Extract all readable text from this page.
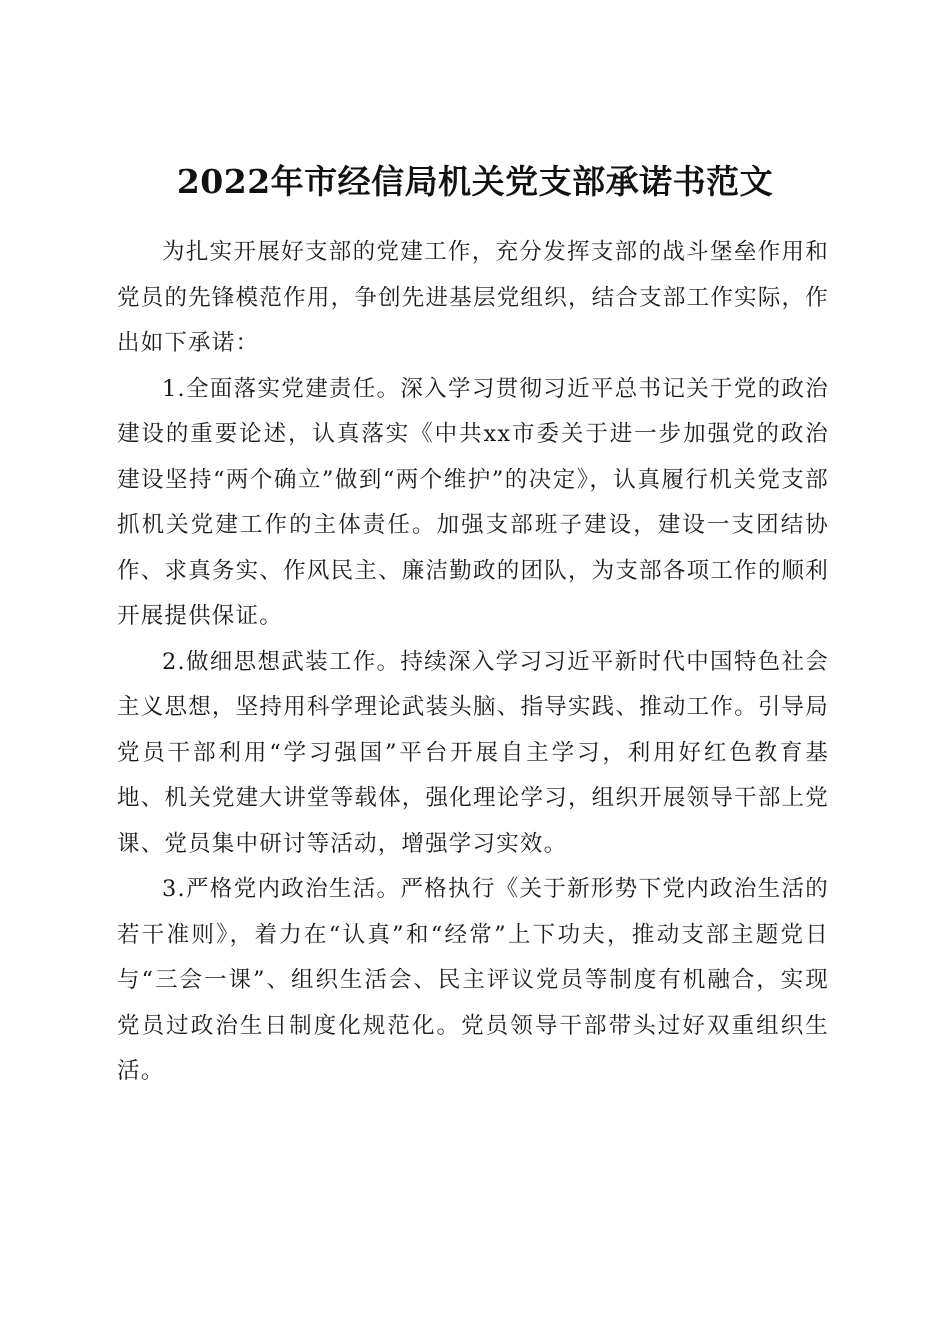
2022年市经信局机关党支部承诺书范文

为扎实开展好支部的党建工作，充分发挥支部的战斗堡垒作用和党员的先锋模范作用，争创先进基层党组织，结合支部工作实际，作出如下承诺：

1.全面落实党建责任。深入学习贯彻习近平总书记关于党的政治建设的重要论述，认真落实《中共xx市委关于进一步加强党的政治建设坚持“两个确立”做到“两个维护”的决定》，认真履行机关党支部抓机关党建工作的主体责任。加强支部班子建设，建设一支团结协作、求真务实、作风民主、廉洁勤政的团队，为支部各项工作的顺利开展提供保证。

2.做细思想武装工作。持续深入学习习近平新时代中国特色社会主义思想，坚持用科学理论武装头脑、指导实践、推动工作。引导局党员干部利用“学习强国”平台开展自主学习，利用好红色教育基地、机关党建大讲堂等载体，强化理论学习，组织开展领导干部上党课、党员集中研讨等活动，增强学习实效。

3.严格党内政治生活。严格执行《关于新形势下党内政治生活的若干准则》，着力在“认真”和“经常”上下功夫，推动支部主题党日与“三会一课”、组织生活会、民主评议党员等制度有机融合，实现党员过政治生日制度化规范化。党员领导干部带头过好双重组织生活。
